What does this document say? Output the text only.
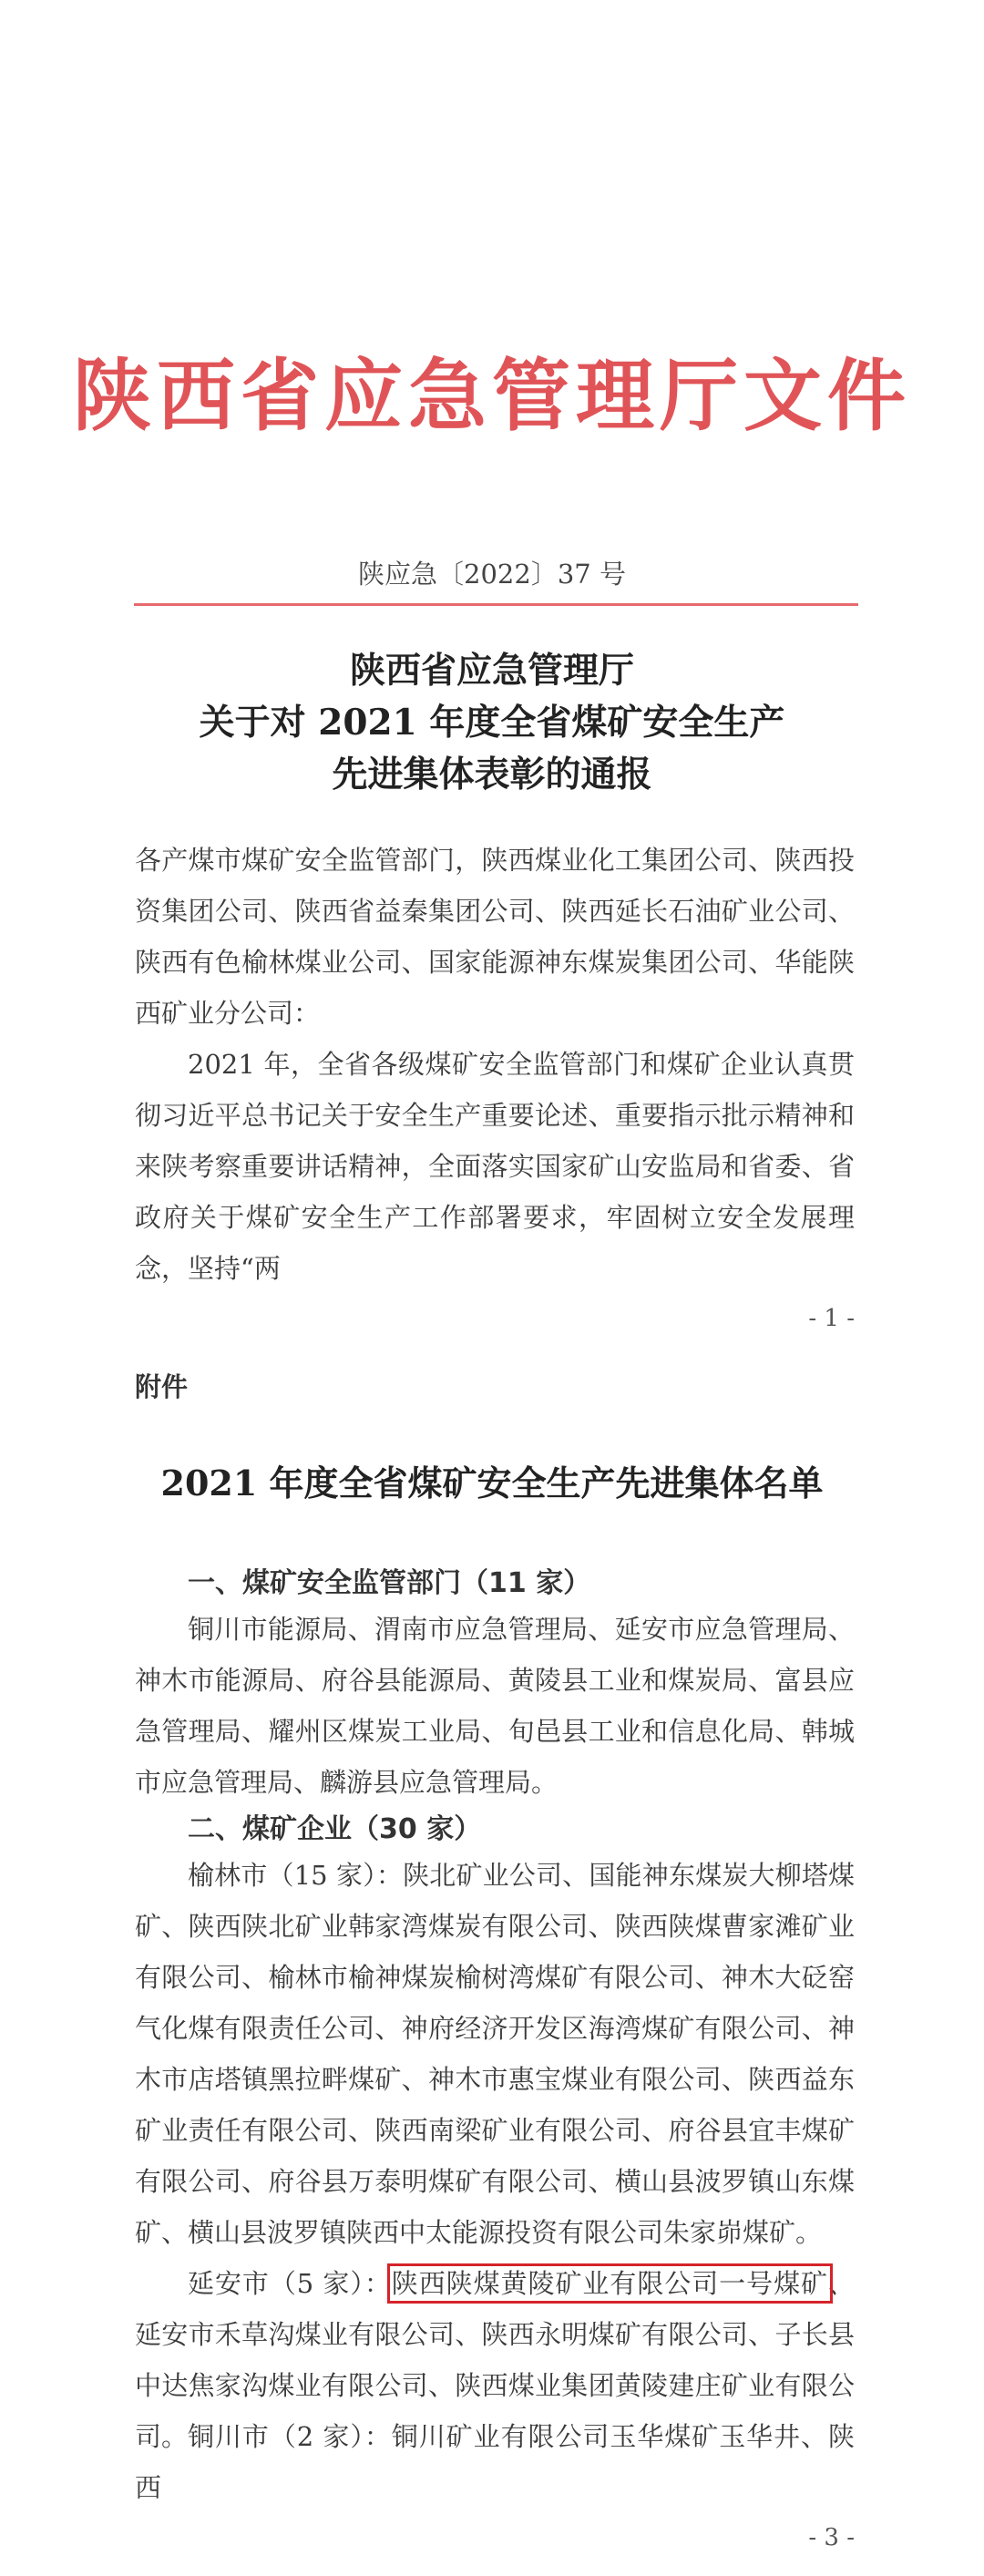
陕西省应急管理厅文件
陕应急〔2022〕37 号
陕西省应急管理厅
关于对 2021 年度全省煤矿安全生产
先进集体表彰的通报

各产煤市煤矿安全监管部门，陕西煤业化工集团公司、陕西投资集团公司、陕西省益秦集团公司、陕西延长石油矿业公司、陕西有色榆林煤业公司、国家能源神东煤炭集团公司、华能陕西矿业分公司：

2021 年，全省各级煤矿安全监管部门和煤矿企业认真贯彻习近平总书记关于安全生产重要论述、重要指示批示精神和来陕考察重要讲话精神，全面落实国家矿山安监局和省委、省政府关于煤矿安全生产工作部署要求，牢固树立安全发展理念，坚持“两

- 1 -
附件
2021 年度全省煤矿安全生产先进集体名单
一、煤矿安全监管部门（11 家）

铜川市能源局、渭南市应急管理局、延安市应急管理局、神木市能源局、府谷县能源局、黄陵县工业和煤炭局、富县应急管理局、耀州区煤炭工业局、旬邑县工业和信息化局、韩城市应急管理局、麟游县应急管理局。

二、煤矿企业（30 家）

榆林市（15 家）：陕北矿业公司、国能神东煤炭大柳塔煤矿、陕西陕北矿业韩家湾煤炭有限公司、陕西陕煤曹家滩矿业有限公司、榆林市榆神煤炭榆树湾煤矿有限公司、神木大砭窑气化煤有限责任公司、神府经济开发区海湾煤矿有限公司、神木市店塔镇黑拉畔煤矿、神木市惠宝煤业有限公司、陕西益东矿业责任有限公司、陕西南梁矿业有限公司、府谷县宜丰煤矿有限公司、府谷县万泰明煤矿有限公司、横山县波罗镇山东煤矿、横山县波罗镇陕西中太能源投资有限公司朱家峁煤矿。

延安市（5 家）：陕西陕煤黄陵矿业有限公司一号煤矿、延安市禾草沟煤业有限公司、陕西永明煤矿有限公司、子长县中达焦家沟煤业有限公司、陕西煤业集团黄陵建庄矿业有限公司。 铜川市（2 家）：铜川矿业有限公司玉华煤矿玉华井、陕西

- 3 -
